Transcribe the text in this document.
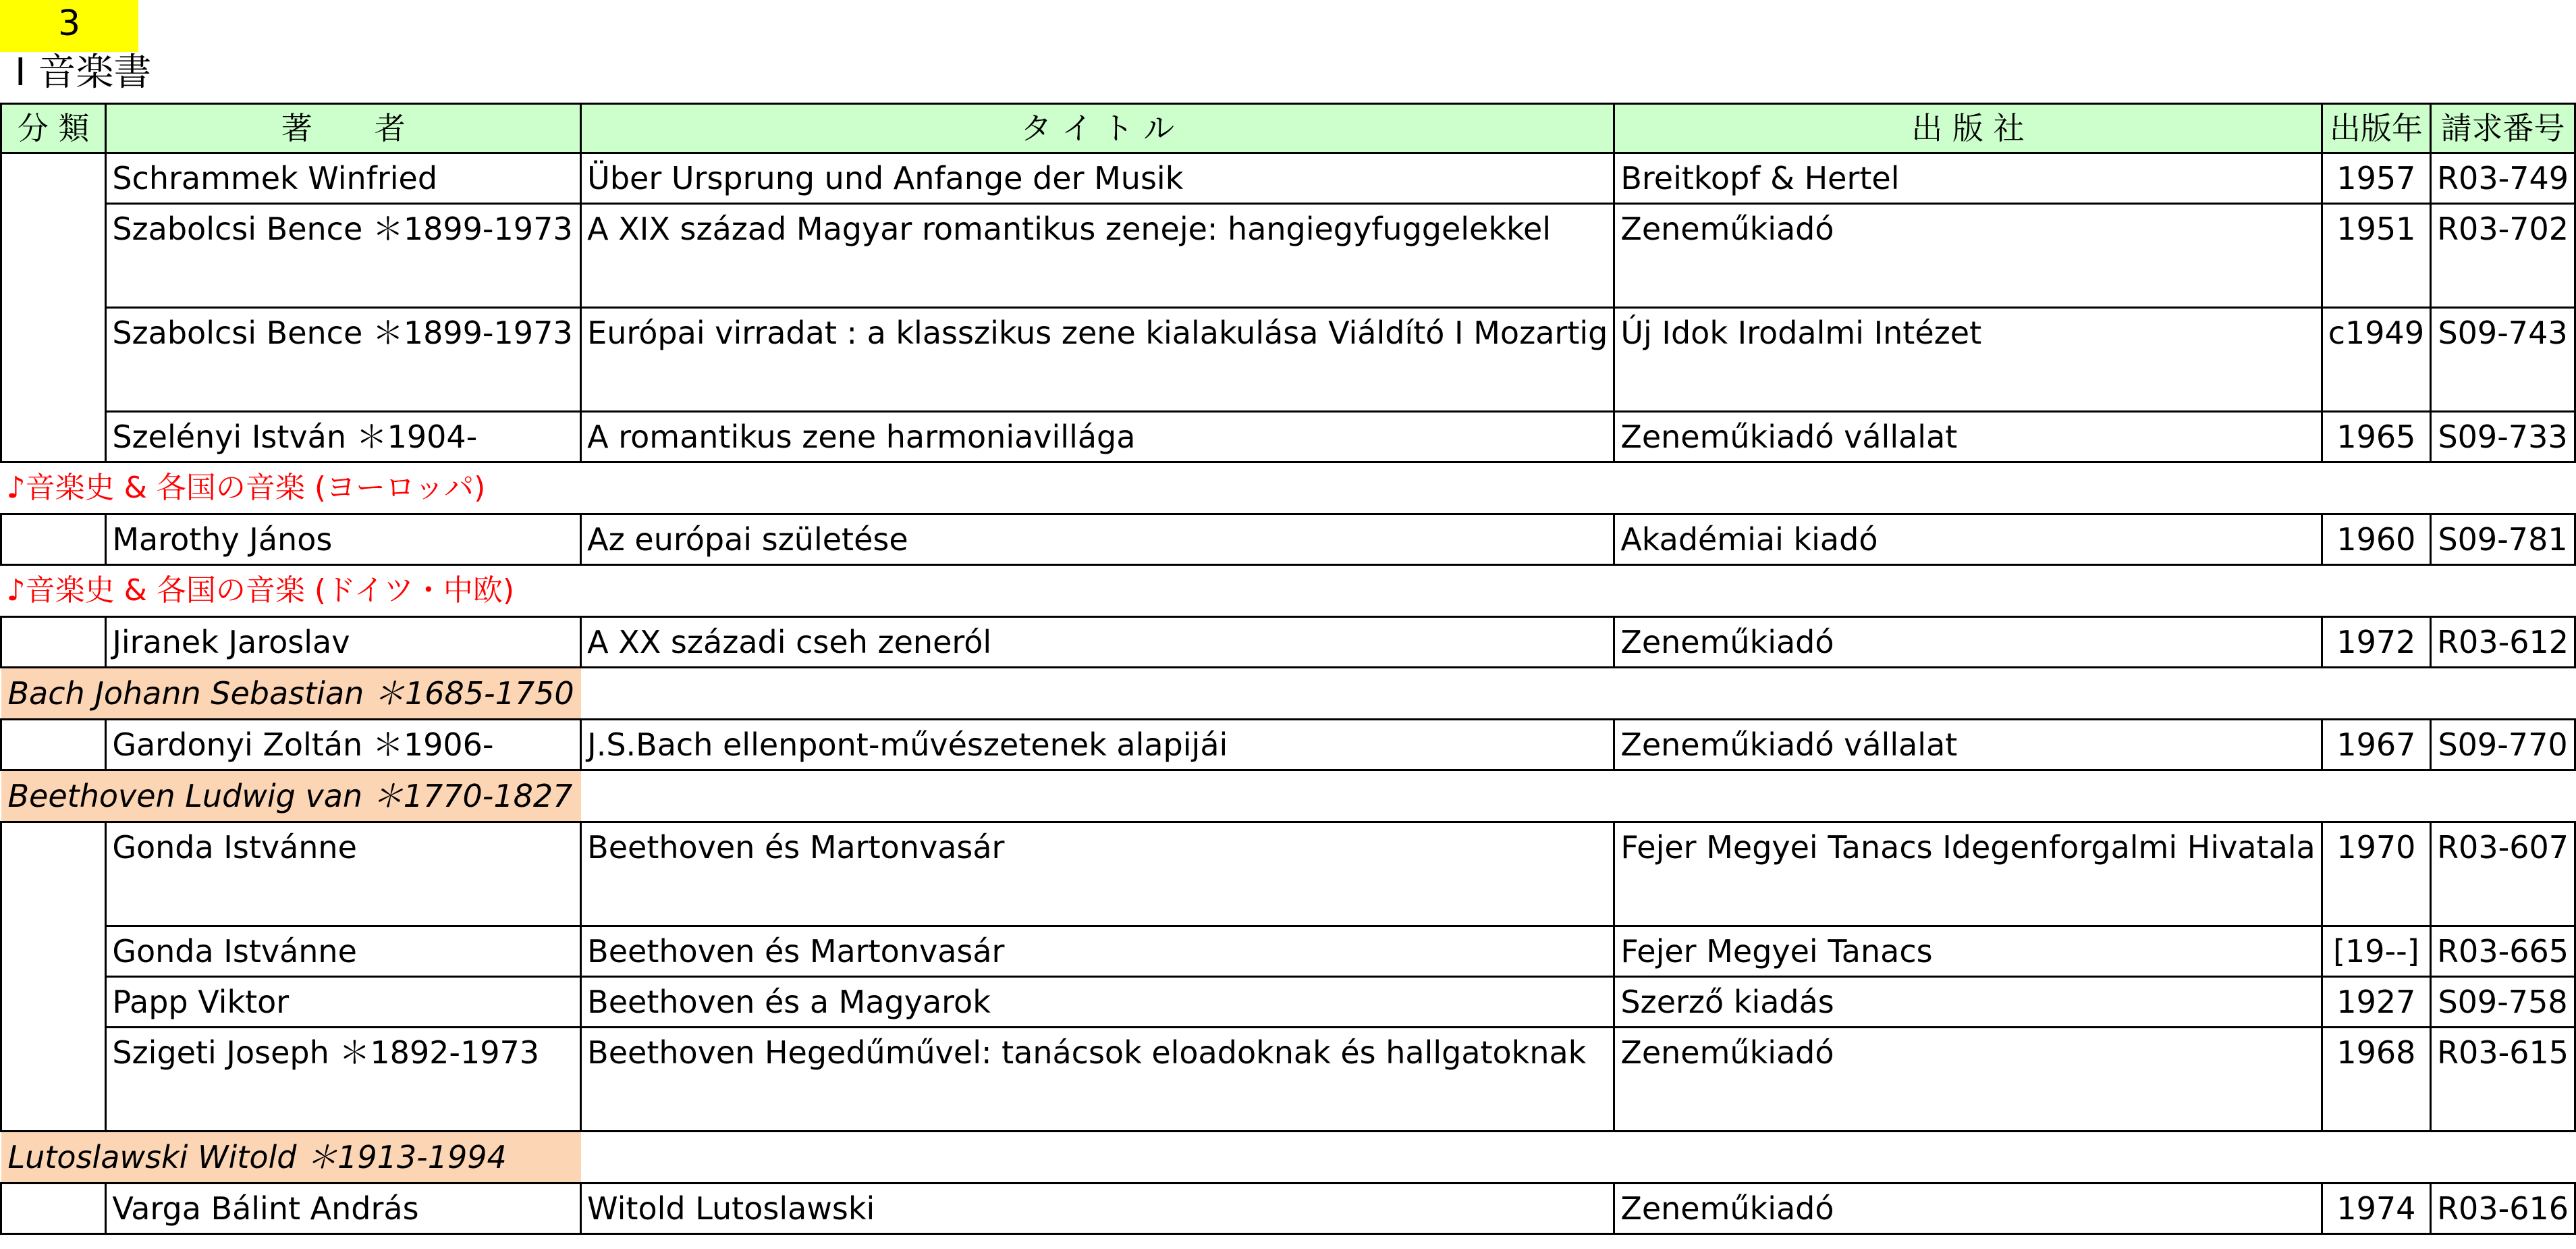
3
Ⅰ 音楽書
分 類	著　　者	タ イ ト ル	出 版 社	出版年	請求番号
	Schrammek Winfried	Über Ursprung und Anfange der Musik	Breitkopf & Hertel	1957	R03-749
	Szabolcsi Bence ＊1899-1973	A XIX század Magyar romantikus zeneje: hangiegyfuggelekkel	Zeneműkiadó	1951	R03-702
	Szabolcsi Bence ＊1899-1973	Európai virradat : a klasszikus zene kialakulása Viáldító I Mozartig	Új Idok Irodalmi Intézet	c1949	S09-743
	Szelényi István ＊1904-	A romantikus zene harmoniavillága	Zeneműkiadó vállalat	1965	S09-733
♪音楽史 & 各国の音楽 (ヨーロッパ)					
	Marothy János	Az európai születése	Akadémiai kiadó	1960	S09-781
♪音楽史 & 各国の音楽 (ドイツ・中欧)					
	Jiranek Jaroslav	A XX századi cseh zeneról	Zeneműkiadó	1972	R03-612
Bach Johann Sebastian ＊1685-1750					
	Gardonyi Zoltán ＊1906-	J.S.Bach ellenpont-művészetenek alapijái	Zeneműkiadó vállalat	1967	S09-770
Beethoven Ludwig van ＊1770-1827					
	Gonda Istvánne	Beethoven és Martonvasár	Fejer Megyei Tanacs Idegenforgalmi Hivatala	1970	R03-607
	Gonda Istvánne	Beethoven és Martonvasár	Fejer Megyei Tanacs	[19--]	R03-665
	Papp Viktor	Beethoven és a Magyarok	Szerző kiadás	1927	S09-758
	Szigeti Joseph ＊1892-1973	Beethoven Hegedűművel: tanácsok eloadoknak és hallgatoknak	Zeneműkiadó	1968	R03-615
Lutoslawski Witold ＊1913-1994					
	Varga Bálint András	Witold Lutoslawski	Zeneműkiadó	1974	R03-616
